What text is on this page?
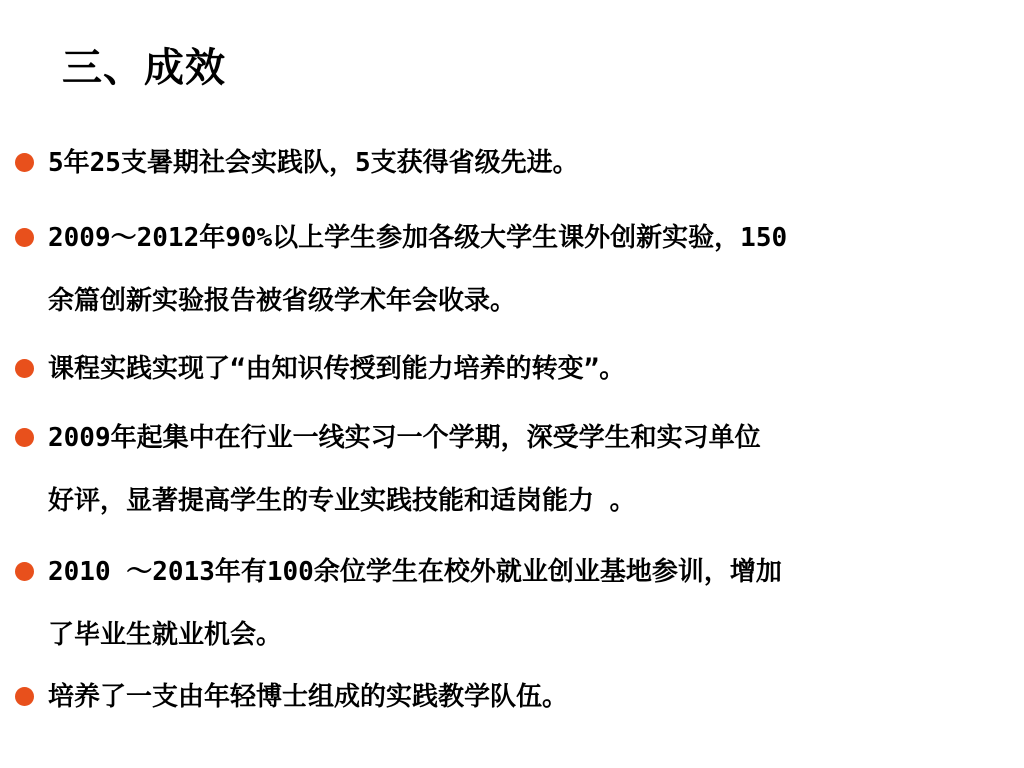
三、成效
5年25支暑期社会实践队，5支获得省级先进。
2009～2012年90%以上学生参加各级大学生课外创新实验，150
余篇创新实验报告被省级学术年会收录。
课程实践实现了“由知识传授到能力培养的转变”。
2009年起集中在行业一线实习一个学期，深受学生和实习单位
好评，显著提高学生的专业实践技能和适岗能力 。
2010 ～2013年有100余位学生在校外就业创业基地参训，增加
了毕业生就业机会。
培养了一支由年轻博士组成的实践教学队伍。
